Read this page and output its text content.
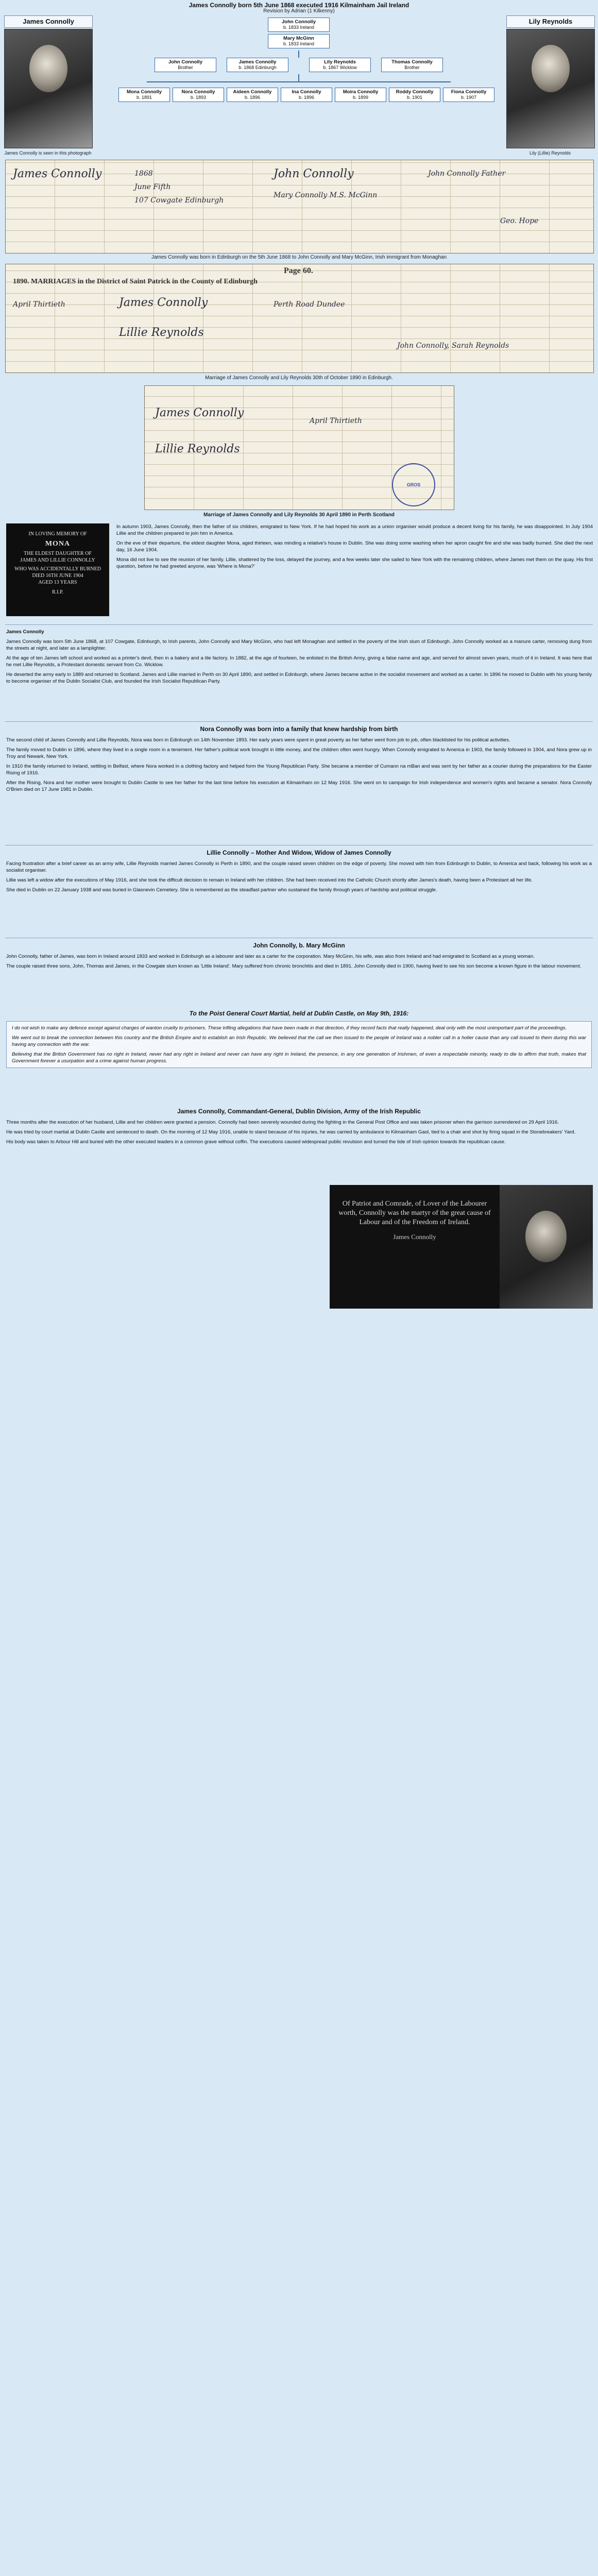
James Connolly born 5th June 1868 executed 1916 Kilmainham Jail Ireland
Revision by Adrian (1 Kilkenny)
James Connolly	Lily Reynolds
John Connolly
b. 1833 Ireland
Mary McGinn
b. 1833 Ireland
James Connolly
b. 1868 Edinburgh
Lily Reynolds
b. 1867 Wicklow
John Connolly
Brother
Thomas Connolly
Brother
Mona Connolly
b. 1891
Nora Connolly
b. 1893
Aideen Connolly
b. 1896
Ina Connolly
b. 1896
Moira Connolly
b. 1899
Roddy Connolly
b. 1901
Fiona Connolly
b. 1907
James Connolly is seen in this photograph	Lily (Lillie) Reynolds
James Connolly	1868
June Fifth
107 Cowgate Edinburgh
John Connolly
Mary Connolly M.S. McGinn
John Connolly Father
Geo. Hope
James Connolly was born in Edinburgh on the 5th June 1868 to John Connolly and Mary McGinn, Irish immigrant from Monaghan
Page 60.
1890. MARRIAGES in the District of Saint Patrick in the County of Edinburgh
April Thirtieth	James Connolly
Lillie Reynolds
Perth Road Dundee
John Connolly, Sarah Reynolds
Marriage of James Connolly and Lily Reynolds 30th of October 1890 in Edinburgh.
James Connolly
Lillie Reynolds
April Thirtieth
GROS
Marriage of James Connolly and Lily Reynolds 30 April 1890 in Perth Scotland
IN LOVING MEMORY OF
MONA
THE ELDEST DAUGHTER OF
JAMES AND LILLIE CONNOLLY
WHO WAS ACCIDENTALLY BURNED
DIED 16TH JUNE 1904
AGED 13 YEARS
R.I.P.

In autumn 1903, James Connolly, then the father of six children, emigrated to New York. If he had hoped his work as a union organiser would produce a decent living for his family, he was disappointed. In July 1904 Lillie and the children prepared to join him in America.

On the eve of their departure, the eldest daughter Mona, aged thirteen, was minding a relative's house in Dublin. She was doing some washing when her apron caught fire and she was badly burned. She died the next day, 16 June 1904.

Mona did not live to see the reunion of her family. Lillie, shattered by the loss, delayed the journey, and a few weeks later she sailed to New York with the remaining children, where James met them on the quay. His first question, before he had greeted anyone, was 'Where is Mona?'

James Connolly

James Connolly was born 5th June 1868, at 107 Cowgate, Edinburgh, to Irish parents, John Connolly and Mary McGinn, who had left Monaghan and settled in the poverty of the Irish slum of Edinburgh. John Connolly worked as a manure carter, removing dung from the streets at night, and later as a lamplighter.

At the age of ten James left school and worked as a printer's devil, then in a bakery and a tile factory. In 1882, at the age of fourteen, he enlisted in the British Army, giving a false name and age, and served for almost seven years, much of it in Ireland. It was here that he met Lillie Reynolds, a Protestant domestic servant from Co. Wicklow.

He deserted the army early in 1889 and returned to Scotland. James and Lillie married in Perth on 30 April 1890, and settled in Edinburgh, where James became active in the socialist movement and worked as a carter. In 1896 he moved to Dublin with his young family to become organiser of the Dublin Socialist Club, and founded the Irish Socialist Republican Party.

Nora Connolly was born into a family that knew hardship from birth

The second child of James Connolly and Lillie Reynolds, Nora was born in Edinburgh on 14th November 1893. Her early years were spent in great poverty as her father went from job to job, often blacklisted for his political activities.

The family moved to Dublin in 1896, where they lived in a single room in a tenement. Her father's political work brought in little money, and the children often went hungry. When Connolly emigrated to America in 1903, the family followed in 1904, and Nora grew up in Troy and Newark, New York.

In 1910 the family returned to Ireland, settling in Belfast, where Nora worked in a clothing factory and helped form the Young Republican Party. She became a member of Cumann na mBan and was sent by her father as a courier during the preparations for the Easter Rising of 1916.

After the Rising, Nora and her mother were brought to Dublin Castle to see her father for the last time before his execution at Kilmainham on 12 May 1916. She went on to campaign for Irish independence and women's rights and became a senator. Nora Connolly O'Brien died on 17 June 1981 in Dublin.

Lillie Connolly – Mother And Widow, Widow of James Connolly

Facing frustration after a brief career as an army wife, Lillie Reynolds married James Connolly in Perth in 1890, and the couple raised seven children on the edge of poverty. She moved with him from Edinburgh to Dublin, to America and back, following his work as a socialist organiser.

Lillie was left a widow after the executions of May 1916, and she took the difficult decision to remain in Ireland with her children. She had been received into the Catholic Church shortly after James's death, having been a Protestant all her life.

She died in Dublin on 22 January 1938 and was buried in Glasnevin Cemetery. She is remembered as the steadfast partner who sustained the family through years of hardship and political struggle.

John Connolly, b. Mary McGinn

John Connolly, father of James, was born in Ireland around 1833 and worked in Edinburgh as a labourer and later as a carter for the corporation. Mary McGinn, his wife, was also from Ireland and had emigrated to Scotland as a young woman.

The couple raised three sons, John, Thomas and James, in the Cowgate slum known as 'Little Ireland'. Mary suffered from chronic bronchitis and died in 1891. John Connolly died in 1900, having lived to see his son become a known figure in the labour movement.

To the Poist General Court Martial, held at Dublin Castle, on May 9th, 1916:

I do not wish to make any defence except against charges of wanton cruelty to prisoners. These trifling allegations that have been made in that direction, if they record facts that really happened, deal only with the most unimportant part of the proceedings.

We went out to break the connection between this country and the British Empire and to establish an Irish Republic. We believed that the call we then issued to the people of Ireland was a nobler call in a holier cause than any call issued to them during this war having any connection with the war.

Believing that the British Government has no right in Ireland, never had any right in Ireland and never can have any right in Ireland, the presence, in any one generation of Irishmen, of even a respectable minority, ready to die to affirm that truth, makes that Government forever a usurpation and a crime against human progress.

James Connolly, Commandant-General, Dublin Division, Army of the Irish Republic

Three months after the execution of her husband, Lillie and her children were granted a pension. Connolly had been severely wounded during the fighting in the General Post Office and was taken prisoner when the garrison surrendered on 29 April 1916.

He was tried by court martial at Dublin Castle and sentenced to death. On the morning of 12 May 1916, unable to stand because of his injuries, he was carried by ambulance to Kilmainham Gaol, tied to a chair and shot by firing squad in the Stonebreakers' Yard.

His body was taken to Arbour Hill and buried with the other executed leaders in a common grave without coffin. The executions caused widespread public revulsion and turned the tide of Irish opinion towards the republican cause.

Of Patriot and Comrade, of Lover of the Labourer worth, Connolly was the martyr of the great cause of Labour and of the Freedom of Ireland.
James Connolly
